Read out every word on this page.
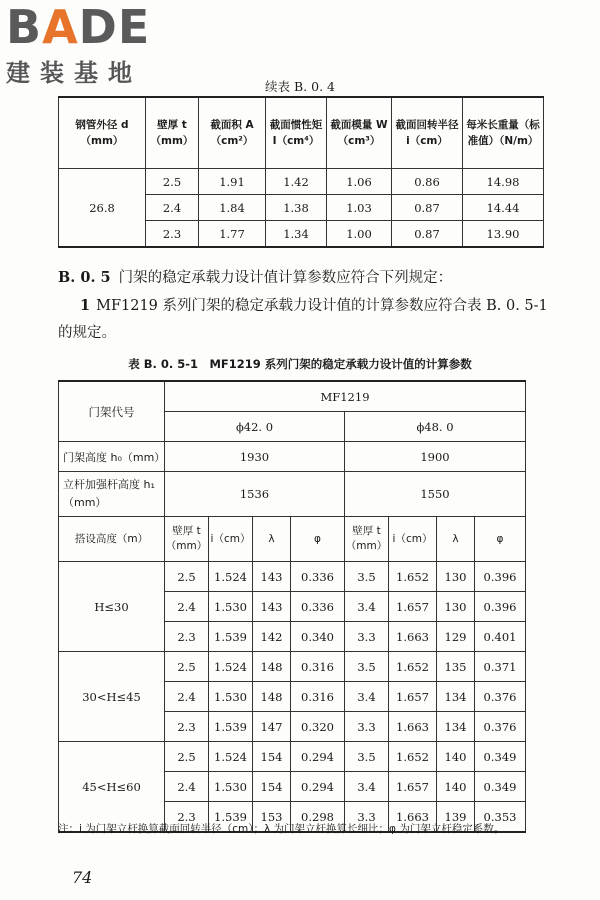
BADE
建装基地	续表 B. 0. 4
钢管外径 d（mm）	壁厚 t（mm）	截面积 A（cm²）	截面惯性矩 I（cm⁴）	截面模量 W（cm³）	截面回转半径 i（cm）	每米长重量（标准值）（N/m）
26.8	2.5	1.91	1.42	1.06	0.86	14.98
	2.4	1.84	1.38	1.03	0.87	14.44
	2.3	1.77	1.34	1.00	0.87	13.90
B. 0. 5 门架的稳定承载力设计值计算参数应符合下列规定：
1 MF1219 系列门架的稳定承载力设计值的计算参数应符合表 B. 0. 5-1 的规定。
表 B. 0. 5-1　MF1219 系列门架的稳定承载力设计值的计算参数
门架代号	MF1219							
	ϕ42. 0				ϕ48. 0			
门架高度 h₀（mm）	1930				1900			
立杆加强杆高度 h₁（mm）	1536				1550			
搭设高度（m）	壁厚 t（mm）	i（cm）	λ	φ	壁厚 t（mm）	i（cm）	λ	φ
H≤30	2.5	1.524	143	0.336	3.5	1.652	130	0.396
	2.4	1.530	143	0.336	3.4	1.657	130	0.396
	2.3	1.539	142	0.340	3.3	1.663	129	0.401
30<H≤45	2.5	1.524	148	0.316	3.5	1.652	135	0.371
	2.4	1.530	148	0.316	3.4	1.657	134	0.376
	2.3	1.539	147	0.320	3.3	1.663	134	0.376
45<H≤60	2.5	1.524	154	0.294	3.5	1.652	140	0.349
	2.4	1.530	154	0.294	3.4	1.657	140	0.349
	2.3	1.539	153	0.298	3.3	1.663	139	0.353
注：i 为门架立杆换算截面回转半径（cm）；λ 为门架立杆换算长细比；φ 为门架立杆稳定系数。
74
